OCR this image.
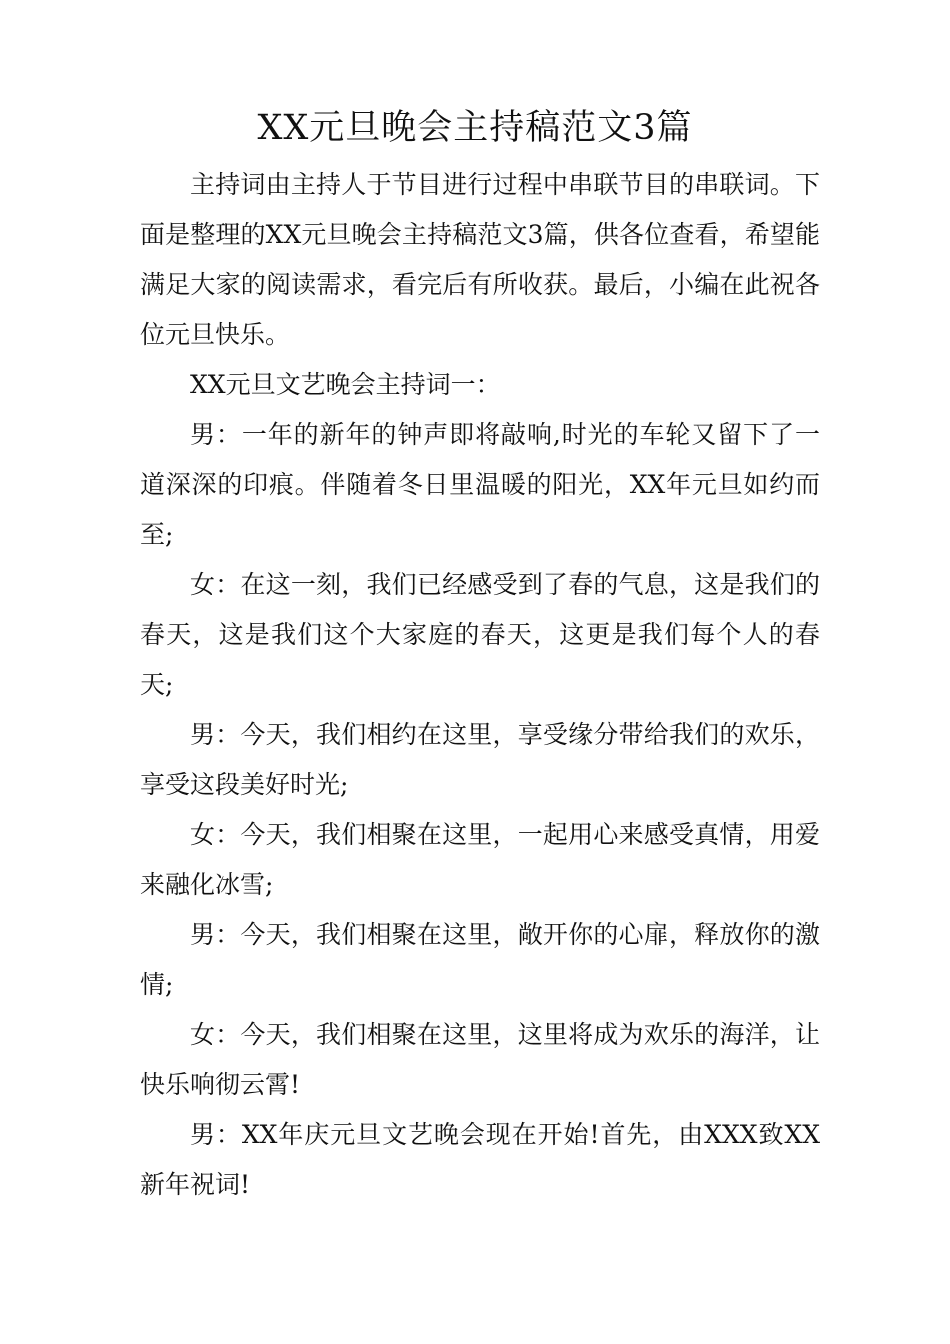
XX元旦晚会主持稿范文3篇

主持词由主持人于节目进行过程中串联节目的串联词。下面是整理的XX元旦晚会主持稿范文3篇，供各位查看，希望能满足大家的阅读需求，看完后有所收获。最后，小编在此祝各位元旦快乐。

XX元旦文艺晚会主持词一：

男：一年的新年的钟声即将敲响,时光的车轮又留下了一道深深的印痕。伴随着冬日里温暖的阳光，XX年元旦如约而至;

女：在这一刻，我们已经感受到了春的气息，这是我们的春天，这是我们这个大家庭的春天，这更是我们每个人的春天;

男：今天，我们相约在这里，享受缘分带给我们的欢乐，享受这段美好时光;

女：今天，我们相聚在这里，一起用心来感受真情，用爱来融化冰雪;

男：今天，我们相聚在这里，敞开你的心扉，释放你的激情;

女：今天，我们相聚在这里，这里将成为欢乐的海洋，让快乐响彻云霄!

男：XX年庆元旦文艺晚会现在开始!首先，由XXX致XX新年祝词!
